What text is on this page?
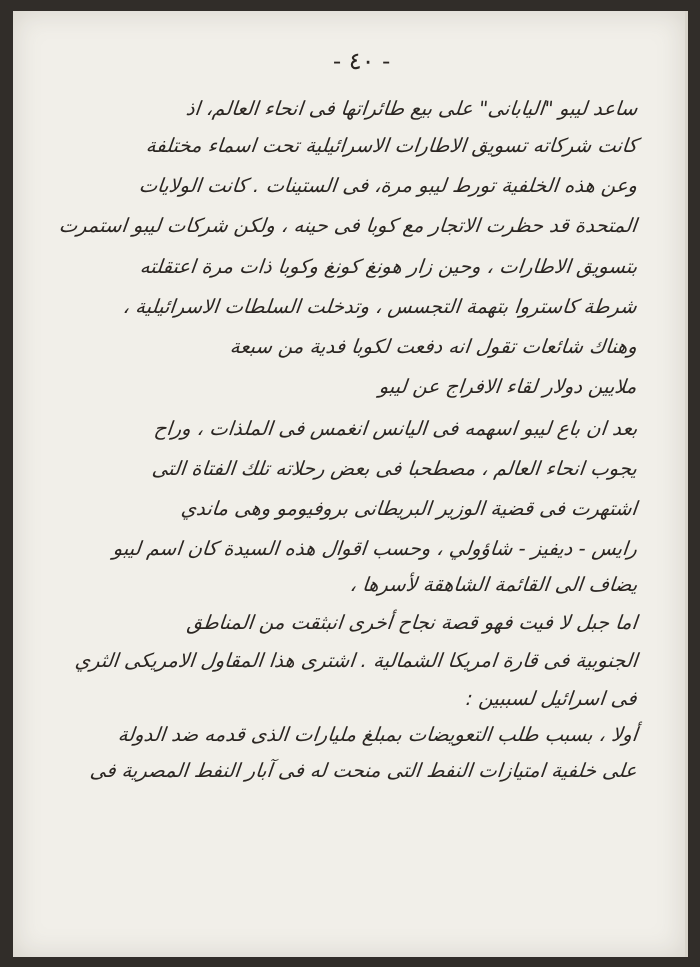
- ٤٠ -
ساعد ليبو "اليابانى" على بيع طائراتها فى انحاء العالم، اذ
كانت شركاته تسويق الاطارات الاسرائيلية تحت اسماء مختلفة
وعن هذه الخلفية تورط ليبو مرة، فى الستينات . كانت الولايات
المتحدة قد حظرت الاتجار مع كوبا فى حينه ، ولكن شركات ليبو استمرت
بتسويق الاطارات ، وحين زار هونغ كونغ وكوبا ذات مرة اعتقلته
شرطة كاستروا بتهمة التجسس ، وتدخلت السلطات الاسرائيلية ،
وهناك شائعات تقول انه دفعت لكوبا فدية من سبعة
ملايين دولار لقاء الافراج عن ليبو
بعد ان باع ليبو اسهمه فى اليانس انغمس فى الملذات ، وراح
يجوب انحاء العالم ، مصطحبا فى بعض رحلاته تلك الفتاة التى
اشتهرت فى قضية الوزير البريطانى بروفيومو وهى ماندي
رايس - ديفيز - شاؤولي ، وحسب اقوال هذه السيدة كان اسم ليبو
يضاف الى القائمة الشاهقة لأسرها ،
اما جبل لا فيت فهو قصة نجاح أخرى انبثقت من المناطق
الجنوبية فى قارة امريكا الشمالية . اشترى هذا المقاول الامريكى الثري
فى اسرائيل لسببين :
أولا ، بسبب طلب التعويضات بمبلغ مليارات الذى قدمه ضد الدولة
على خلفية امتيازات النفط التى منحت له فى آبار النفط المصرية فى
